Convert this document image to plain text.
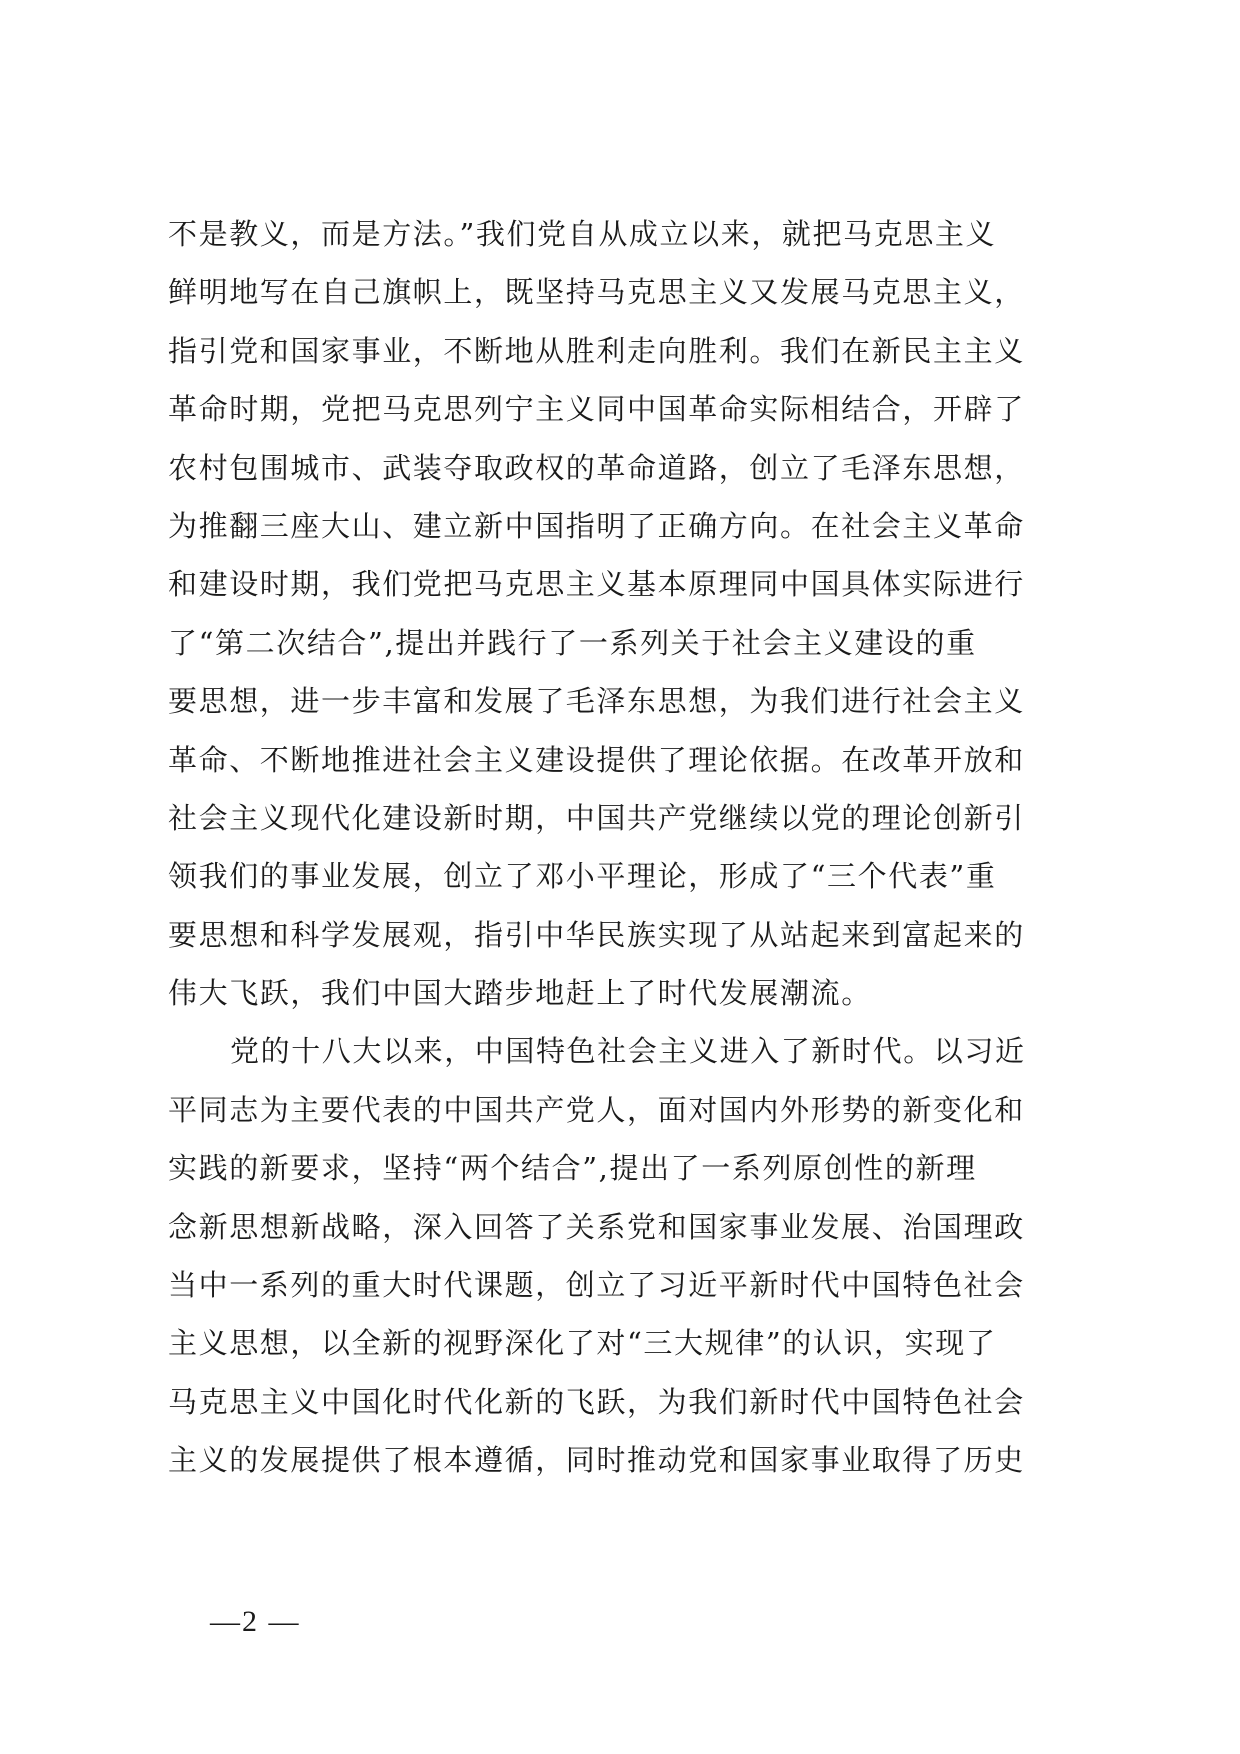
不是教义，而是方法。”我们党自从成立以来，就把马克思主义
鲜明地写在自己旗帜上，既坚持马克思主义又发展马克思主义，
指引党和国家事业，不断地从胜利走向胜利。我们在新民主主义
革命时期，党把马克思列宁主义同中国革命实际相结合，开辟了
农村包围城市、武装夺取政权的革命道路，创立了毛泽东思想，
为推翻三座大山、建立新中国指明了正确方向。在社会主义革命
和建设时期，我们党把马克思主义基本原理同中国具体实际进行
了“第二次结合”,提出并践行了一系列关于社会主义建设的重
要思想，进一步丰富和发展了毛泽东思想，为我们进行社会主义
革命、不断地推进社会主义建设提供了理论依据。在改革开放和
社会主义现代化建设新时期，中国共产党继续以党的理论创新引
领我们的事业发展，创立了邓小平理论，形成了“三个代表”重
要思想和科学发展观，指引中华民族实现了从站起来到富起来的
伟大飞跃，我们中国大踏步地赶上了时代发展潮流。
党的十八大以来，中国特色社会主义进入了新时代。以习近
平同志为主要代表的中国共产党人，面对国内外形势的新变化和
实践的新要求，坚持“两个结合”,提出了一系列原创性的新理
念新思想新战略，深入回答了关系党和国家事业发展、治国理政
当中一系列的重大时代课题，创立了习近平新时代中国特色社会
主义思想，以全新的视野深化了对“三大规律”的认识，实现了
马克思主义中国化时代化新的飞跃，为我们新时代中国特色社会
主义的发展提供了根本遵循，同时推动党和国家事业取得了历史
—2 —
